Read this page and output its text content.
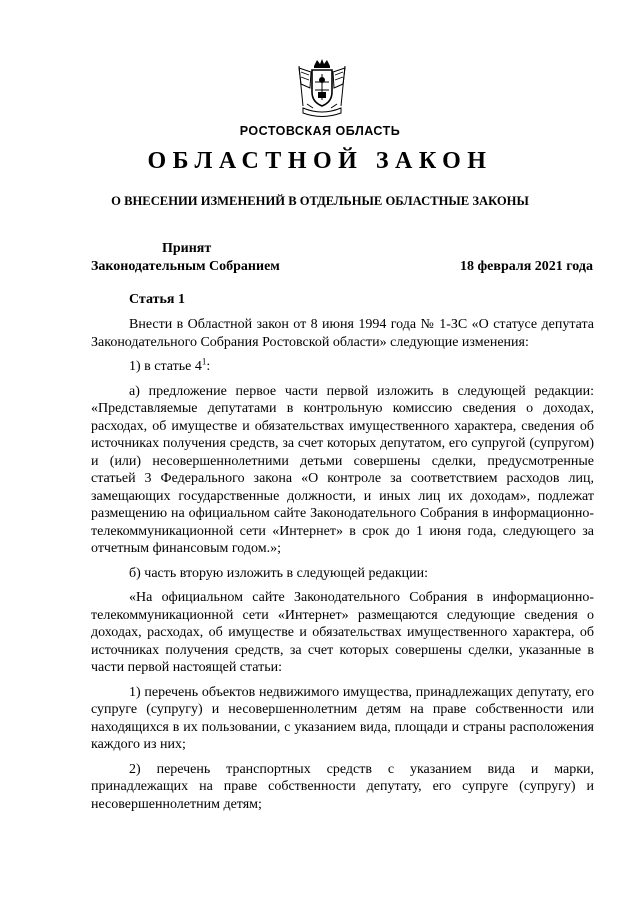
РОСТОВСКАЯ ОБЛАСТЬ
ОБЛАСТНОЙ ЗАКОН
О ВНЕСЕНИИ ИЗМЕНЕНИЙ В ОТДЕЛЬНЫЕ ОБЛАСТНЫЕ ЗАКОНЫ
Принят
Законодательным Собранием	18 февраля 2021 года
Статья 1

Внести в Областной закон от 8 июня 1994 года № 1-ЗС «О статусе депутата Законодательного Собрания Ростовской области» следующие изменения:

1) в статье $4^1$:

а) предложение первое части первой изложить в следующей редакции: «Представляемые депутатами в контрольную комиссию сведения о доходах, расходах, об имуществе и обязательствах имущественного характера, сведения об источниках получения средств, за счет которых депутатом, его супругой (супругом) и (или) несовершеннолетними детьми совершены сделки, предусмотренные статьей 3 Федерального закона «О контроле за соответствием расходов лиц, замещающих государственные должности, и иных лиц их доходам», подлежат размещению на официальном сайте Законодательного Собрания в информационно-телекоммуникационной сети «Интернет» в срок до 1 июня года, следующего за отчетным финансовым годом.»;

б) часть вторую изложить в следующей редакции:

«На официальном сайте Законодательного Собрания в информационно-телекоммуникационной сети «Интернет» размещаются следующие сведения о доходах, расходах, об имуществе и обязательствах имущественного характера, об источниках получения средств, за счет которых совершены сделки, указанные в части первой настоящей статьи:

1) перечень объектов недвижимого имущества, принадлежащих депутату, его супруге (супругу) и несовершеннолетним детям на праве собственности или находящихся в их пользовании, с указанием вида, площади и страны расположения каждого из них;

2) перечень транспортных средств с указанием вида и марки, принадлежащих на праве собственности депутату, его супруге (супругу) и несовершеннолетним детям;
